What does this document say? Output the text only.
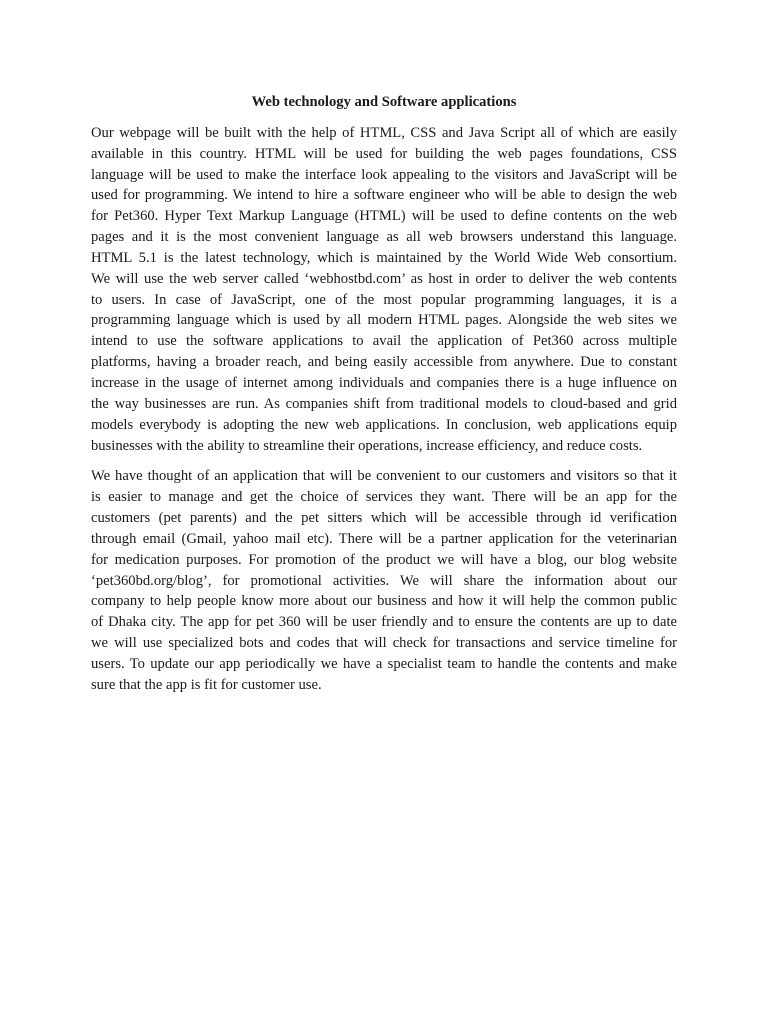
Web technology and Software applications
Our webpage will be built with the help of HTML, CSS and Java Script all of which are easily
available in this country. HTML will be used for building the web pages foundations, CSS
language will be used to make the interface look appealing to the visitors and JavaScript will be
used for programming. We intend to hire a software engineer who will be able to design the web
for Pet360. Hyper Text Markup Language (HTML) will be used to define contents on the web
pages and it is the most convenient language as all web browsers understand this language.
HTML 5.1 is the latest technology, which is maintained by the World Wide Web consortium.
We will use the web server called ‘webhostbd.com’ as host in order to deliver the web contents
to users. In case of JavaScript, one of the most popular programming languages, it is a
programming language which is used by all modern HTML pages. Alongside the web sites we
intend to use the software applications to avail the application of Pet360 across multiple
platforms, having a broader reach, and being easily accessible from anywhere. Due to constant
increase in the usage of internet among individuals and companies there is a huge influence on
the way businesses are run. As companies shift from traditional models to cloud-based and grid
models everybody is adopting the new web applications. In conclusion, web applications equip
businesses with the ability to streamline their operations, increase efficiency, and reduce costs.
We have thought of an application that will be convenient to our customers and visitors so that it
is easier to manage and get the choice of services they want. There will be an app for the
customers (pet parents) and the pet sitters which will be accessible through id verification
through email (Gmail, yahoo mail etc). There will be a partner application for the veterinarian
for medication purposes. For promotion of the product we will have a blog, our blog website
‘pet360bd.org/blog’, for promotional activities. We will share the information about our
company to help people know more about our business and how it will help the common public
of Dhaka city. The app for pet 360 will be user friendly and to ensure the contents are up to date
we will use specialized bots and codes that will check for transactions and service timeline for
users. To update our app periodically we have a specialist team to handle the contents and make
sure that the app is fit for customer use.
